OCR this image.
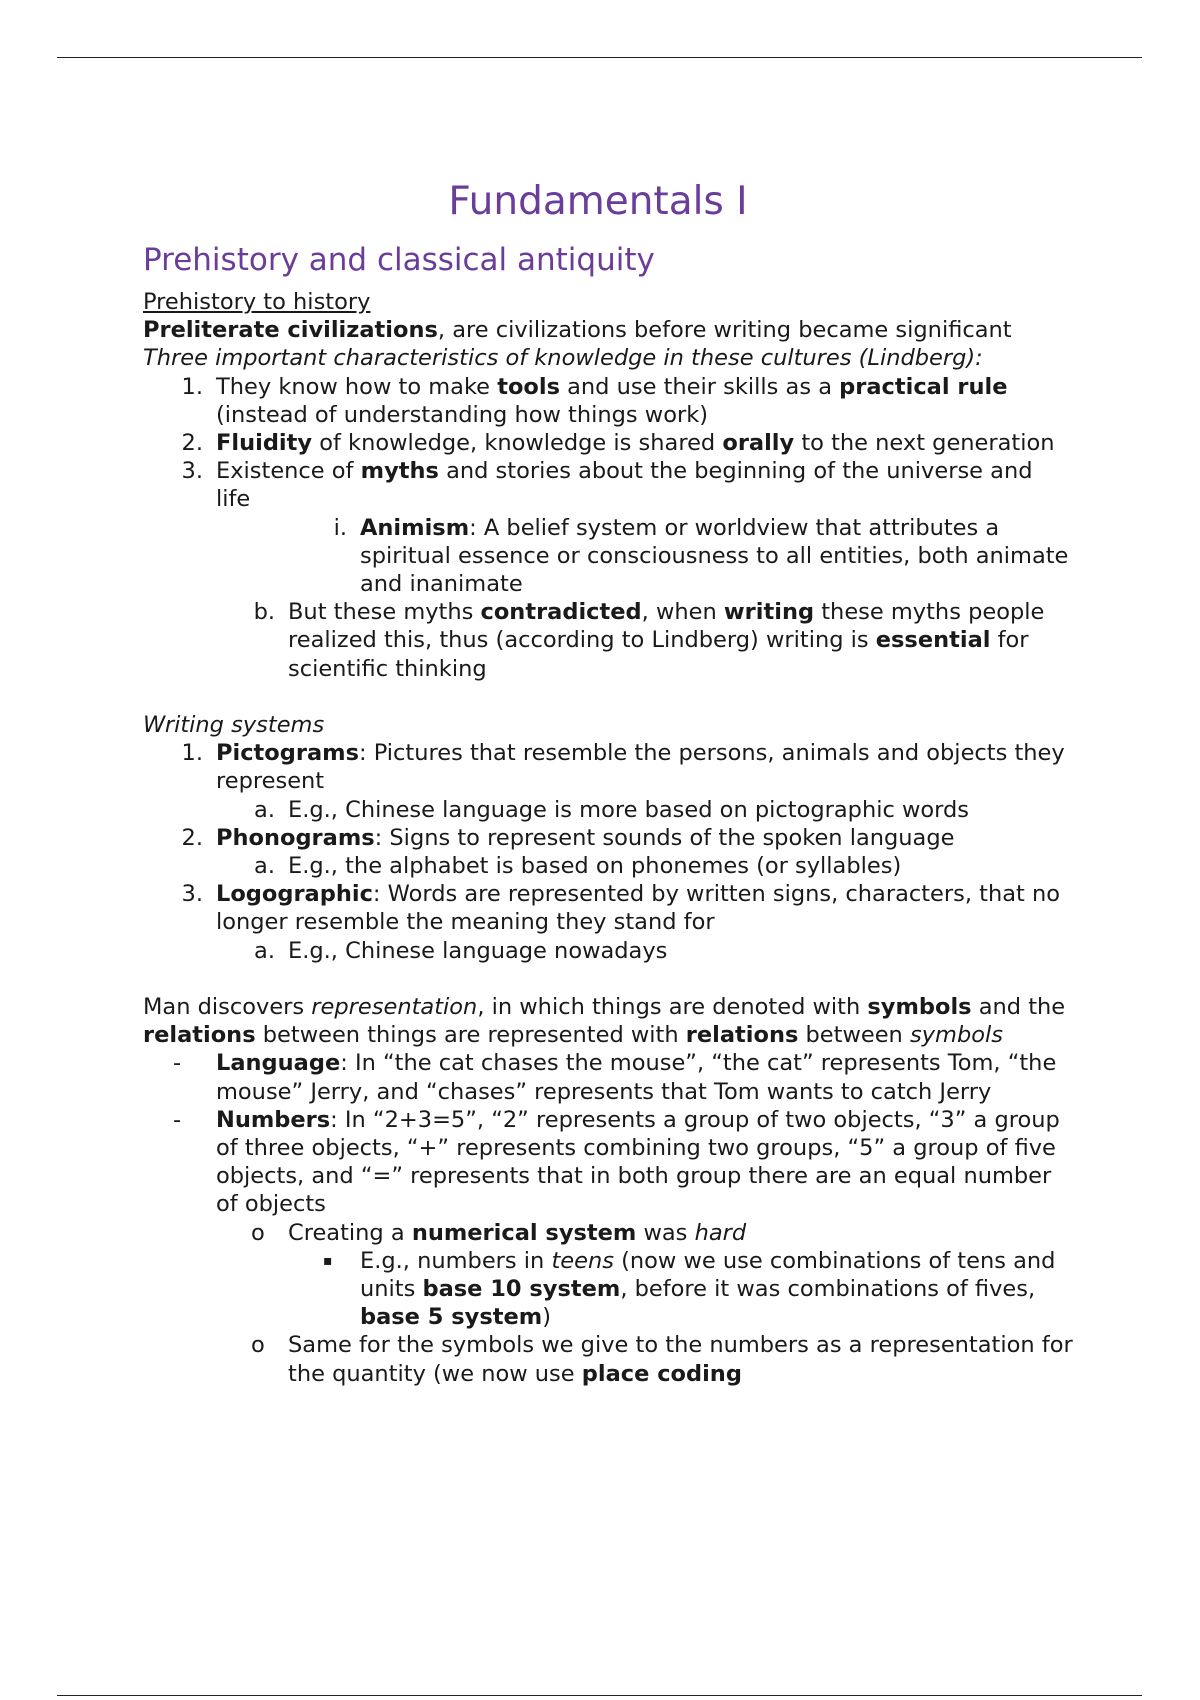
Fundamentals I
Prehistory and classical antiquity
Prehistory to history
Preliterate civilizations, are civilizations before writing became significant
Three important characteristics of knowledge in these cultures (Lindberg):
1. They know how to make tools and use their skills as a practical rule (instead of understanding how things work)
2. Fluidity of knowledge, knowledge is shared orally to the next generation
3. Existence of myths and stories about the beginning of the universe and life
i. Animism: A belief system or worldview that attributes a spiritual essence or consciousness to all entities, both animate and inanimate
b. But these myths contradicted, when writing these myths people realized this, thus (according to Lindberg) writing is essential for scientific thinking
Writing systems
1. Pictograms: Pictures that resemble the persons, animals and objects they represent
a. E.g., Chinese language is more based on pictographic words
2. Phonograms: Signs to represent sounds of the spoken language
a. E.g., the alphabet is based on phonemes (or syllables)
3. Logographic: Words are represented by written signs, characters, that no longer resemble the meaning they stand for
a. E.g., Chinese language nowadays
Man discovers representation, in which things are denoted with symbols and the relations between things are represented with relations between symbols
-	Language: In “the cat chases the mouse”, “the cat” represents Tom, “the mouse” Jerry, and “chases” represents that Tom wants to catch Jerry
-	Numbers: In “2+3=5”, “2” represents a group of two objects, “3” a group of three objects, “+” represents combining two groups, “5” a group of five objects, and “=” represents that in both group there are an equal number of objects
o Creating a numerical system was hard
▪	E.g., numbers in teens (now we use combinations of tens and units base 10 system, before it was combinations of fives, base 5 system)
o Same for the symbols we give to the numbers as a representation for the quantity (we now use place coding
